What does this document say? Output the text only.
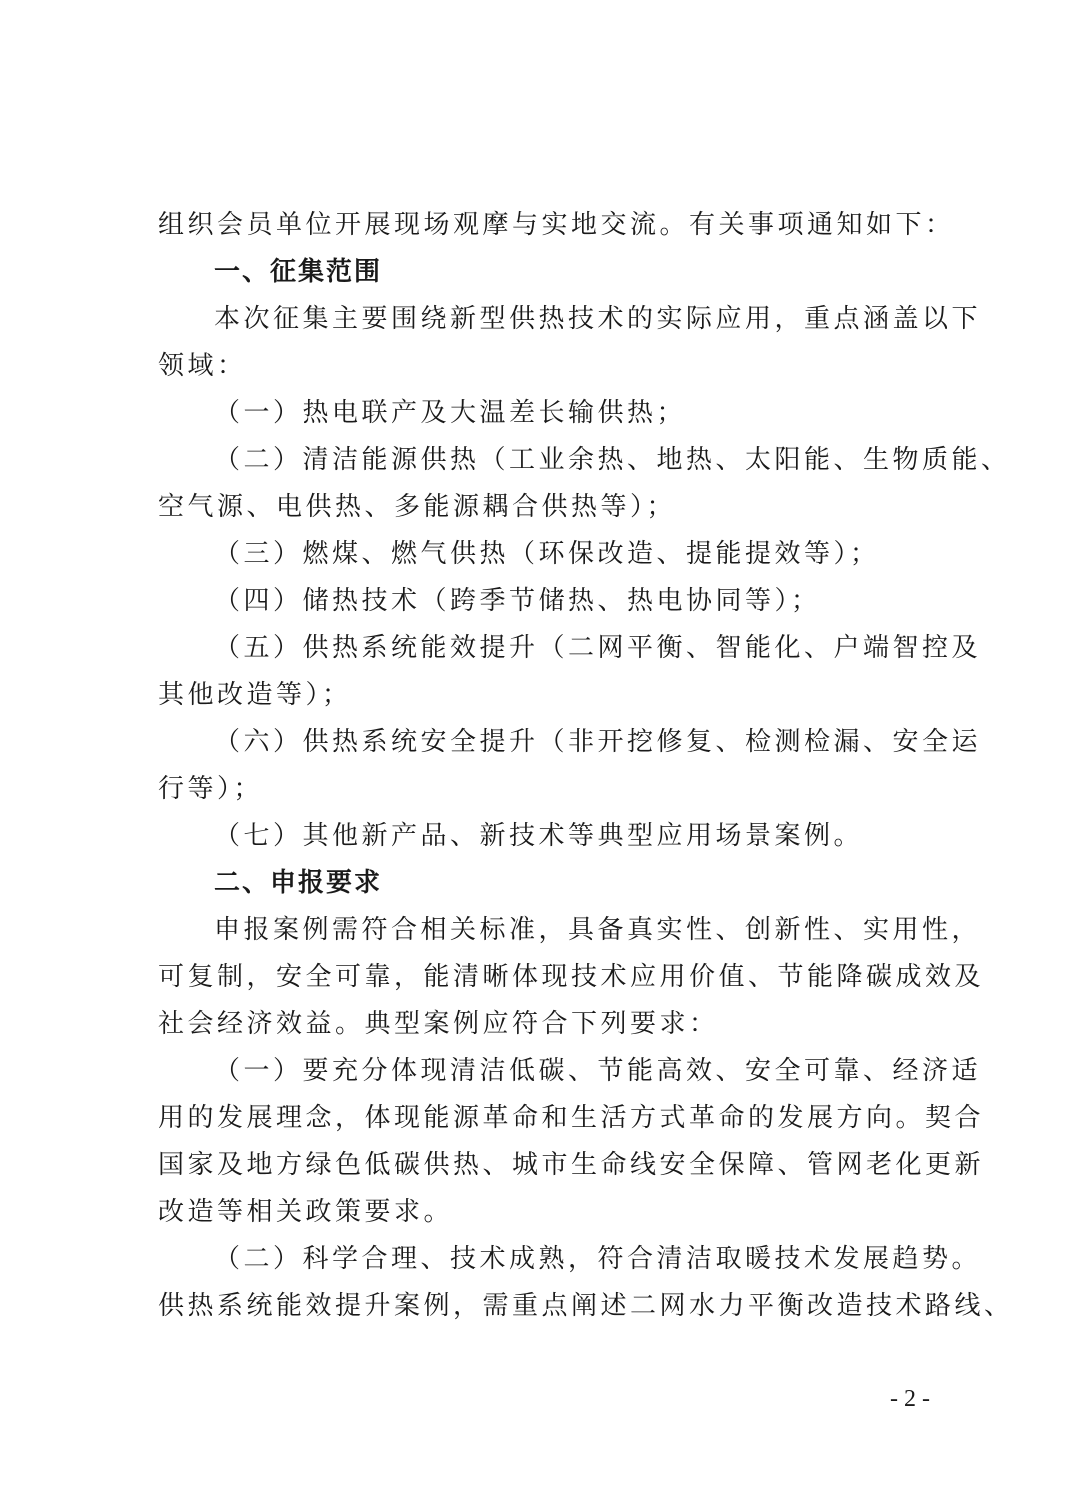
组织会员单位开展现场观摩与实地交流。有关事项通知如下：
一、征集范围
本次征集主要围绕新型供热技术的实际应用，重点涵盖以下
领域：
（一）热电联产及大温差长输供热；
（二）清洁能源供热（工业余热、地热、太阳能、生物质能、
空气源、电供热、多能源耦合供热等）；
（三）燃煤、燃气供热（环保改造、提能提效等）；
（四）储热技术（跨季节储热、热电协同等）；
（五）供热系统能效提升（二网平衡、智能化、户端智控及
其他改造等）；
（六）供热系统安全提升（非开挖修复、检测检漏、安全运
行等）；
（七）其他新产品、新技术等典型应用场景案例。
二、申报要求
申报案例需符合相关标准，具备真实性、创新性、实用性，
可复制，安全可靠，能清晰体现技术应用价值、节能降碳成效及
社会经济效益。典型案例应符合下列要求：
（一）要充分体现清洁低碳、节能高效、安全可靠、经济适
用的发展理念，体现能源革命和生活方式革命的发展方向。契合
国家及地方绿色低碳供热、城市生命线安全保障、管网老化更新
改造等相关政策要求。
（二）科学合理、技术成熟，符合清洁取暖技术发展趋势。
供热系统能效提升案例，需重点阐述二网水力平衡改造技术路线、
- 2 -
